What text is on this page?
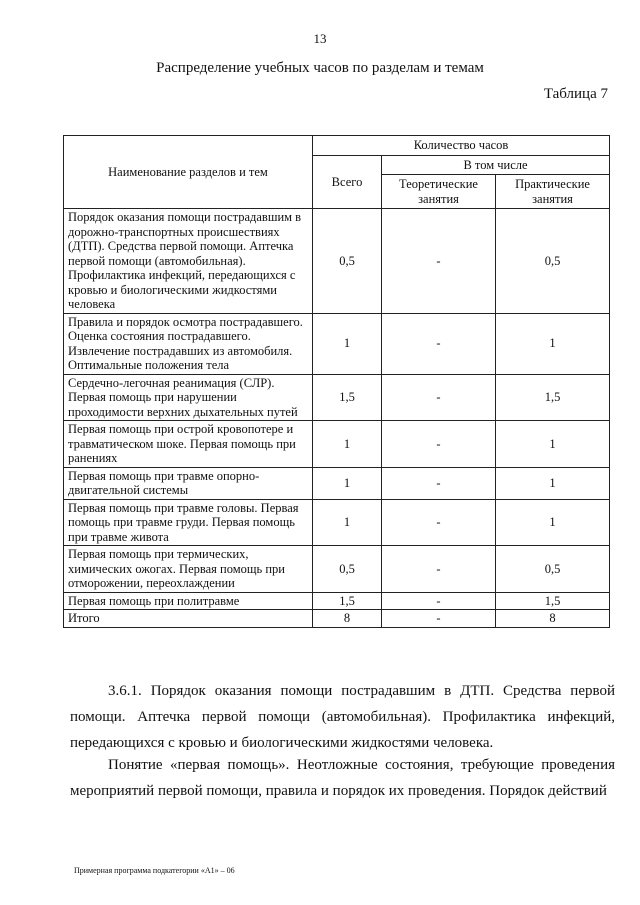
13
Распределение учебных часов по разделам и темам
Таблица 7
Наименование разделов и тем	Количество часов		
	Всего	В том числе	
		Теоретические занятия	Практические занятия
Порядок оказания помощи пострадавшим в дорожно-транспортных происшествиях (ДТП). Средства первой помощи. Аптечка первой помощи (автомобильная). Профилактика инфекций, передающихся с кровью и биологическими жидкостями человека	0,5	-	0,5
Правила и порядок осмотра пострадавшего. Оценка состояния пострадавшего. Извлечение пострадавших из автомобиля. Оптимальные положения тела	1	-	1
Сердечно-легочная реанимация (СЛР). Первая помощь при нарушении проходимости верхних дыхательных путей	1,5	-	1,5
Первая помощь при острой кровопотере и травматическом шоке. Первая помощь при ранениях	1	-	1
Первая помощь при травме опорно-двигательной системы	1	-	1
Первая помощь при травме головы. Первая помощь при травме груди. Первая помощь при травме живота	1	-	1
Первая помощь при термических, химических ожогах. Первая помощь при отморожении, переохлаждении	0,5	-	0,5
Первая помощь при политравме	1,5	-	1,5
Итого	8	-	8
3.6.1. Порядок оказания помощи пострадавшим в ДТП. Средства первой помощи. Аптечка первой помощи (автомобильная). Профилактика инфекций, передающихся с кровью и биологическими жидкостями человека.
Понятие «первая помощь». Неотложные состояния, требующие проведения мероприятий первой помощи, правила и порядок их проведения. Порядок действий
Примерная программа подкатегории «A1» – 06
